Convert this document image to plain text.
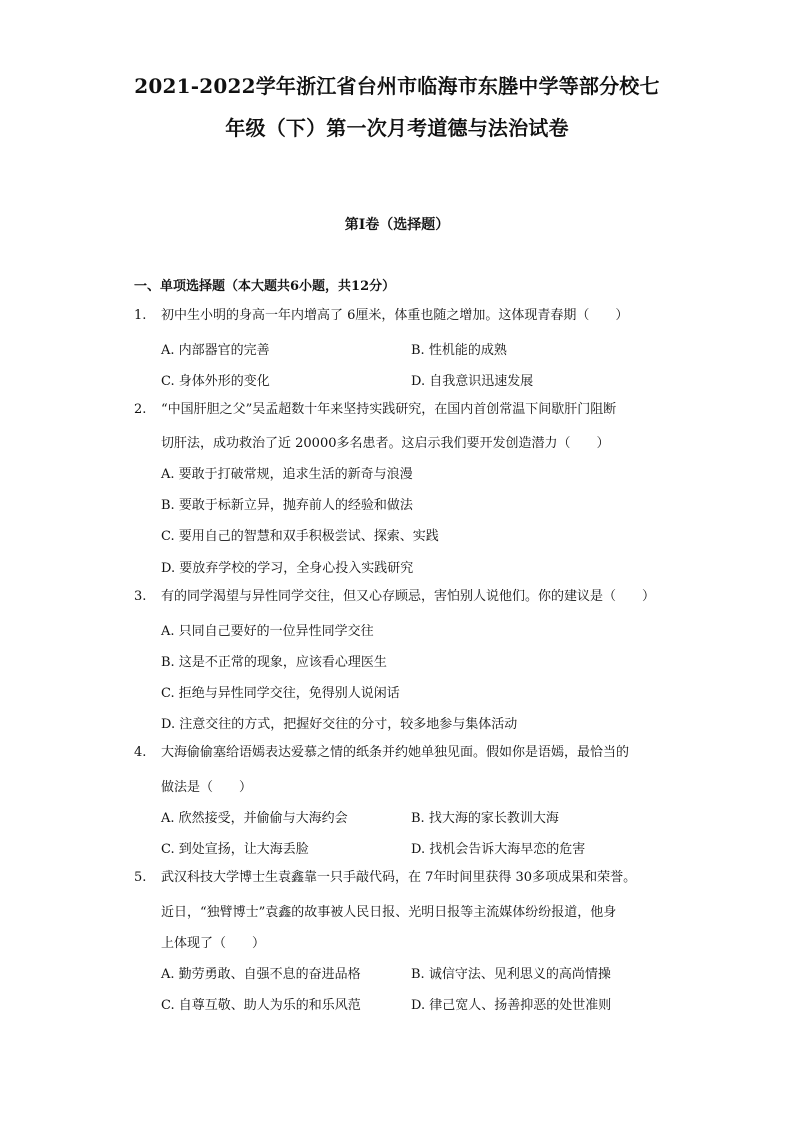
2021-2022学年浙江省台州市临海市东塍中学等部分校七
年级（下）第一次月考道德与法治试卷
第I卷（选择题）
一、单项选择题（本大题共6小题，共12分）
1. 初中生小明的身高一年内增高了 6厘米，体重也随之增加。这体现青春期（　　）
A. 内部器官的完善	B. 性机能的成熟
C. 身体外形的变化	D. 自我意识迅速发展
2. “中国肝胆之父”吴孟超数十年来坚持实践研究，在国内首创常温下间歇肝门阻断
切肝法，成功救治了近 20000多名患者。这启示我们要开发创造潜力（　　）
A. 要敢于打破常规，追求生活的新奇与浪漫
B. 要敢于标新立异，抛弃前人的经验和做法
C. 要用自己的智慧和双手积极尝试、探索、实践
D. 要放弃学校的学习，全身心投入实践研究
3. 有的同学渴望与异性同学交往，但又心存顾忌，害怕别人说他们。你的建议是（　　）
A. 只同自己要好的一位异性同学交往
B. 这是不正常的现象，应该看心理医生
C. 拒绝与异性同学交往，免得别人说闲话
D. 注意交往的方式，把握好交往的分寸，较多地参与集体活动
4. 大海偷偷塞给语嫣表达爱慕之情的纸条并约她单独见面。假如你是语嫣，最恰当的
做法是（　　）
A. 欣然接受，并偷偷与大海约会	B. 找大海的家长教训大海
C. 到处宣扬，让大海丢脸	D. 找机会告诉大海早恋的危害
5. 武汉科技大学博士生袁鑫靠一只手敲代码，在 7年时间里获得 30多项成果和荣誉。
近日，“独臂博士”袁鑫的故事被人民日报、光明日报等主流媒体纷纷报道，他身
上体现了（　　）
A. 勤劳勇敢、自强不息的奋进品格	B. 诚信守法、见利思义的高尚情操
C. 自尊互敬、助人为乐的和乐风范	D. 律己宽人、扬善抑恶的处世准则
